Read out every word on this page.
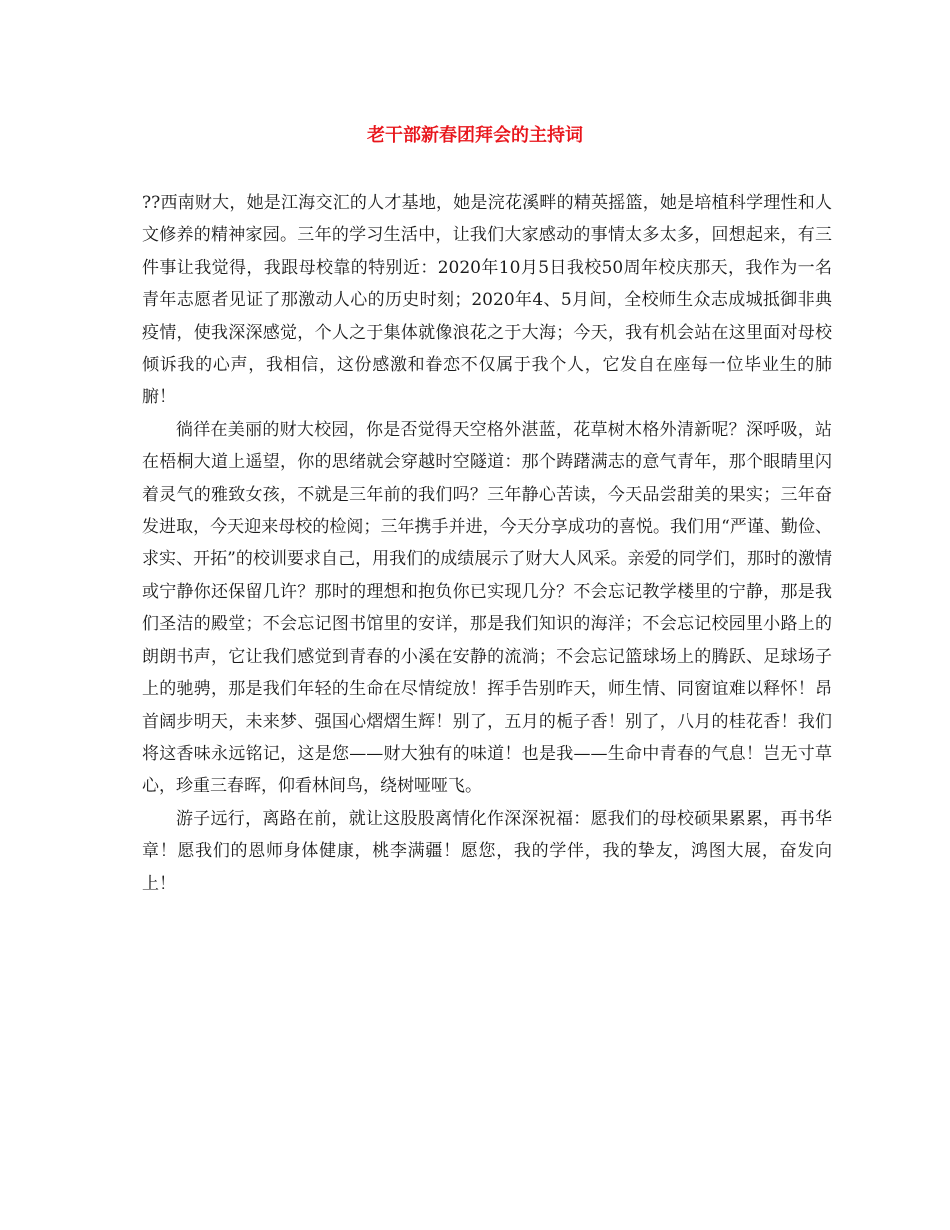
老干部新春团拜会的主持词

??西南财大，她是江海交汇的人才基地，她是浣花溪畔的精英摇篮，她是培植科学理性和人文修养的精神家园。三年的学习生活中，让我们大家感动的事情太多太多，回想起来，有三件事让我觉得，我跟母校靠的特别近：2020年10月5日我校50周年校庆那天，我作为一名青年志愿者见证了那激动人心的历史时刻；2020年4、5月间，全校师生众志成城抵御非典疫情，使我深深感觉，个人之于集体就像浪花之于大海；今天，我有机会站在这里面对母校倾诉我的心声，我相信，这份感激和眷恋不仅属于我个人，它发自在座每一位毕业生的肺腑！

徜徉在美丽的财大校园，你是否觉得天空格外湛蓝，花草树木格外清新呢？深呼吸，站在梧桐大道上遥望，你的思绪就会穿越时空隧道：那个踌躇满志的意气青年，那个眼睛里闪着灵气的雅致女孩，不就是三年前的我们吗？三年静心苦读，今天品尝甜美的果实；三年奋发进取，今天迎来母校的检阅；三年携手并进，今天分享成功的喜悦。我们用“严谨、勤俭、求实、开拓”的校训要求自己，用我们的成绩展示了财大人风采。亲爱的同学们，那时的激情或宁静你还保留几许？那时的理想和抱负你已实现几分？不会忘记教学楼里的宁静，那是我们圣洁的殿堂；不会忘记图书馆里的安详，那是我们知识的海洋；不会忘记校园里小路上的朗朗书声，它让我们感觉到青春的小溪在安静的流淌；不会忘记篮球场上的腾跃、足球场子上的驰骋，那是我们年轻的生命在尽情绽放！挥手告别昨天，师生情、同窗谊难以释怀！昂首阔步明天，未来梦、强国心熠熠生辉！别了，五月的栀子香！别了，八月的桂花香！我们将这香味永远铭记，这是您——财大独有的味道！也是我——生命中青春的气息！岂无寸草心，珍重三春晖，仰看林间鸟，绕树哑哑飞。

游子远行，离路在前，就让这股股离情化作深深祝福：愿我们的母校硕果累累，再书华章！愿我们的恩师身体健康，桃李满疆！愿您，我的学伴，我的挚友，鸿图大展，奋发向上！
